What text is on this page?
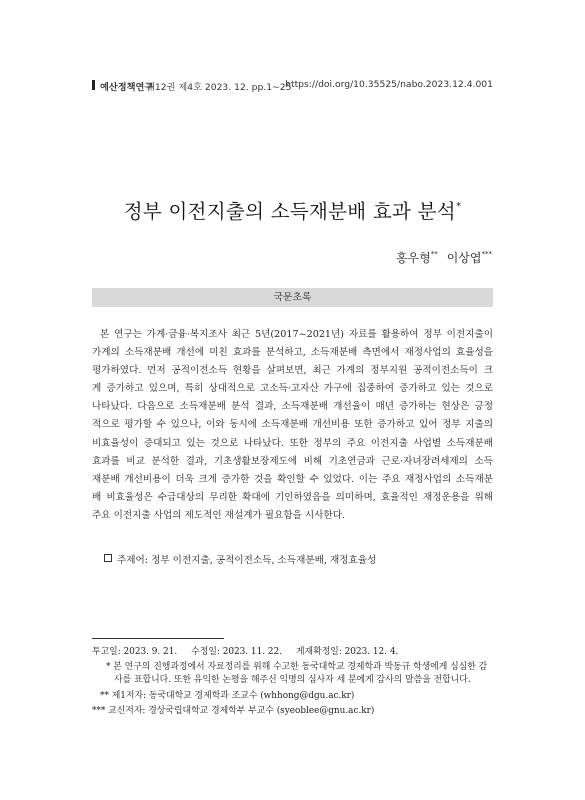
예산정책연구
제12권 제4호 2023. 12. pp.1~25
https://doi.org/10.35525/nabo.2023.12.4.001
정부 이전지출의 소득재분배 효과 분석*
홍우형** 이상엽***
국문초록
본 연구는 가계·금융·복지조사 최근 5년(2017~2021년) 자료를 활용하여 정부 이전지출이
가계의 소득재분배 개선에 미친 효과를 분석하고, 소득재분배 측면에서 재정사업의 효율성을
평가하였다. 먼저 공적이전소득 현황을 살펴보면, 최근 가계의 정부지원 공적이전소득이 크
게 증가하고 있으며, 특히 상대적으로 고소득·고자산 가구에 집중하여 증가하고 있는 것으로
나타났다. 다음으로 소득재분배 분석 결과, 소득재분배 개선율이 매년 증가하는 현상은 긍정
적으로 평가할 수 있으나, 이와 동시에 소득재분배 개선비용 또한 증가하고 있어 정부 지출의
비효율성이 증대되고 있는 것으로 나타났다. 또한 정부의 주요 이전지출 사업별 소득재분배
효과를 비교 분석한 결과, 기초생활보장제도에 비해 기초연금과 근로·자녀장려세제의 소득
재분배 개선비용이 더욱 크게 증가한 것을 확인할 수 있었다. 이는 주요 재정사업의 소득재분
배 비효율성은 수급대상의 무리한 확대에 기인하였음을 의미하며, 효율적인 재정운용을 위해
주요 이전지출 사업의 제도적인 재설계가 필요함을 시사한다.
주제어: 정부 이전지출, 공적이전소득, 소득재분배, 재정효율성
투고일: 2023. 9. 21. 수정일: 2023. 11. 22. 게재확정일: 2023. 12. 4.
* 본 연구의 진행과정에서 자료정리를 위해 수고한 동국대학교 경제학과 박동규 학생에게 심심한 감
사를 표합니다. 또한 유익한 논평을 해주신 익명의 심사자 세 분에게 감사의 말씀을 전합니다.
** 제1저자: 동국대학교 경제학과 조교수 (whhong@dgu.ac.kr)
*** 교신저자: 경상국립대학교 경제학부 부교수 (syeoblee@gnu.ac.kr)
